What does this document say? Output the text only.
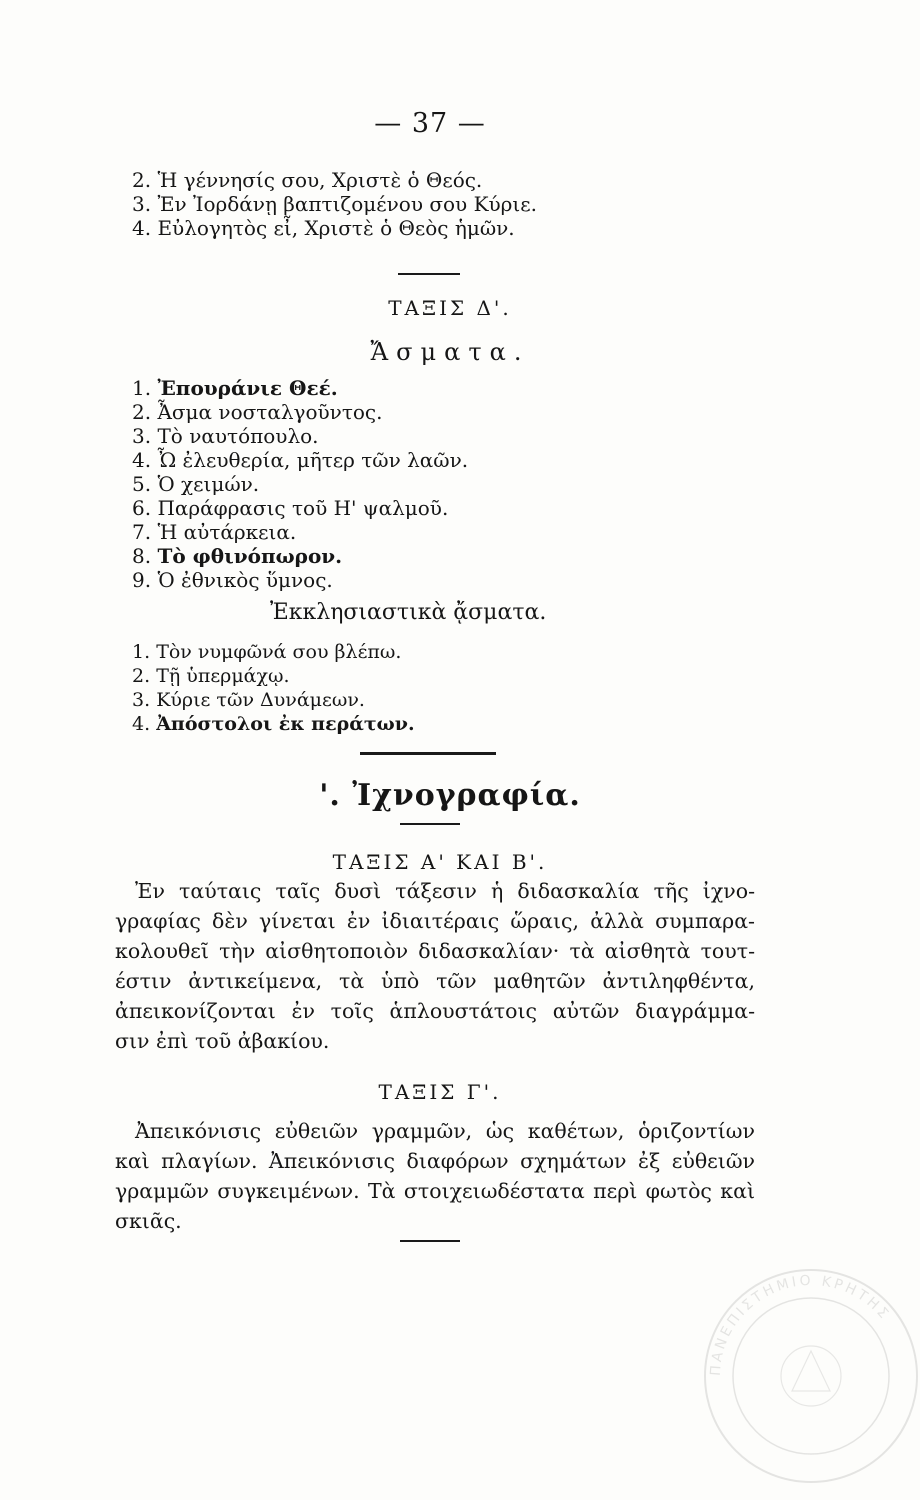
— 37 —
2. Ἡ γέννησίς σου, Χριστὲ ὁ Θεός.
3. Ἐν Ἰορδάνῃ βαπτιζομένου σου Κύριε.
4. Εὐλογητὸς εἶ, Χριστὲ ὁ Θεὸς ἡμῶν.
ΤΑΞΙΣ Δ'.
Ἄσματα.
1. Ἐπουράνιε Θεέ.
2. Ἆσμα νοσταλγοῦντος.
3. Τὸ ναυτόπουλο.
4. Ὦ ἐλευθερία, μῆτερ τῶν λαῶν.
5. Ὁ χειμών.
6. Παράφρασις τοῦ Η' ψαλμοῦ.
7. Ἡ αὐτάρκεια.
8. Τὸ φθινόπωρον.
9. Ὁ ἐθνικὸς ὕμνος.
Ἐκκλησιαστικὰ ᾄσματα.
1. Τὸν νυμφῶνά σου βλέπω.
2. Τῇ ὑπερμάχῳ.
3. Κύριε τῶν Δυνάμεων.
4. Ἀπόστολοι ἐκ περάτων.
'. Ἰχνογραφία.
ΤΑΞΙΣ Α' ΚΑΙ Β'.
Ἐν ταύταις ταῖς δυσὶ τάξεσιν ἡ διδασκαλία τῆς ἰχνο-
γραφίας δὲν γίνεται ἐν ἰδιαιτέραις ὥραις, ἀλλὰ συμπαρα-
κολουθεῖ τὴν αἰσθητοποιὸν διδασκαλίαν· τὰ αἰσθητὰ τουτ-
έστιν ἀντικείμενα, τὰ ὑπὸ τῶν μαθητῶν ἀντιληφθέντα,
ἀπεικονίζονται ἐν τοῖς ἁπλουστάτοις αὐτῶν διαγράμμα-
σιν ἐπὶ τοῦ ἀβακίου.
ΤΑΞΙΣ Γ'.
Ἀπεικόνισις εὐθειῶν γραμμῶν, ὡς καθέτων, ὁριζοντίων
καὶ πλαγίων. Ἀπεικόνισις διαφόρων σχημάτων ἐξ εὐθειῶν
γραμμῶν συγκειμένων. Τὰ στοιχειωδέστατα περὶ φωτὸς καὶ
σκιᾶς.
ΠΑΝΕΠΙΣΤΗΜΙΟ ΚΡΗΤΗΣ
